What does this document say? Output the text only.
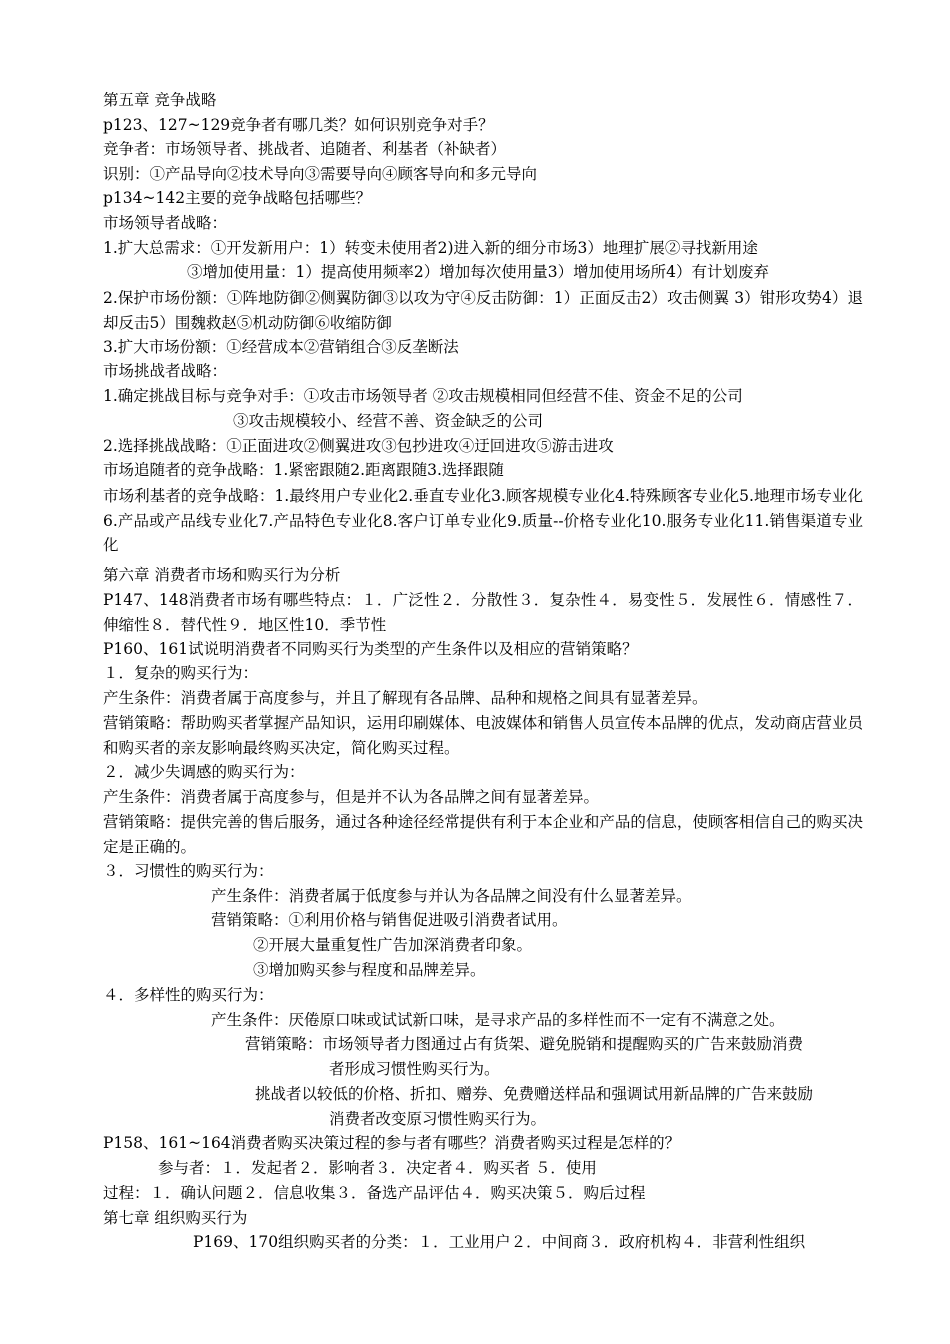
第五章 竞争战略
p123、127~129竞争者有哪几类？如何识别竞争对手？
竞争者：市场领导者、挑战者、追随者、利基者（补缺者）
识别：①产品导向②技术导向③需要导向④顾客导向和多元导向
p134~142主要的竞争战略包括哪些？
市场领导者战略：
1.扩大总需求：①开发新用户：1）转变未使用者2)进入新的细分市场3）地理扩展②寻找新用途
③增加使用量：1）提高使用频率2）增加每次使用量3）增加使用场所4）有计划废弃
2.保护市场份额：①阵地防御②侧翼防御③以攻为守④反击防御：1）正面反击2）攻击侧翼 3）钳形攻势4）退却反击5）围魏救赵⑤机动防御⑥收缩防御
3.扩大市场份额：①经营成本②营销组合③反垄断法
市场挑战者战略：
1.确定挑战目标与竞争对手：①攻击市场领导者 ②攻击规模相同但经营不佳、资金不足的公司
③攻击规模较小、经营不善、资金缺乏的公司
2.选择挑战战略：①正面进攻②侧翼进攻③包抄进攻④迂回进攻⑤游击进攻
市场追随者的竞争战略：1.紧密跟随2.距离跟随3.选择跟随
市场利基者的竞争战略：1.最终用户专业化2.垂直专业化3.顾客规模专业化4.特殊顾客专业化5.地理市场专业化6.产品或产品线专业化7.产品特色专业化8.客户订单专业化9.质量--价格专业化10.服务专业化11.销售渠道专业化
第六章 消费者市场和购买行为分析
P147、148消费者市场有哪些特点：１．广泛性２．分散性３．复杂性４．易变性５．发展性６．情感性７．伸缩性８．替代性９．地区性10．季节性
P160、161试说明消费者不同购买行为类型的产生条件以及相应的营销策略？
１．复杂的购买行为：
产生条件：消费者属于高度参与，并且了解现有各品牌、品种和规格之间具有显著差异。
营销策略：帮助购买者掌握产品知识，运用印刷媒体、电波媒体和销售人员宣传本品牌的优点，发动商店营业员和购买者的亲友影响最终购买决定，简化购买过程。
２．减少失调感的购买行为：
产生条件：消费者属于高度参与，但是并不认为各品牌之间有显著差异。
营销策略：提供完善的售后服务，通过各种途径经常提供有利于本企业和产品的信息，使顾客相信自己的购买决定是正确的。
３．习惯性的购买行为：
产生条件：消费者属于低度参与并认为各品牌之间没有什么显著差异。
营销策略：①利用价格与销售促进吸引消费者试用。
②开展大量重复性广告加深消费者印象。
③增加购买参与程度和品牌差异。
４．多样性的购买行为：
产生条件：厌倦原口味或试试新口味，是寻求产品的多样性而不一定有不满意之处。
营销策略：市场领导者力图通过占有货架、避免脱销和提醒购买的广告来鼓励消费
者形成习惯性购买行为。
挑战者以较低的价格、折扣、赠券、免费赠送样品和强调试用新品牌的广告来鼓励
消费者改变原习惯性购买行为。
P158、161~164消费者购买决策过程的参与者有哪些？消费者购买过程是怎样的？
参与者：１．发起者２．影响者３．决定者４．购买者 ５．使用
过程：１．确认问题２．信息收集３．备选产品评估４．购买决策５．购后过程
第七章 组织购买行为
P169、170组织购买者的分类：１．工业用户２．中间商３．政府机构４．非营利性组织
